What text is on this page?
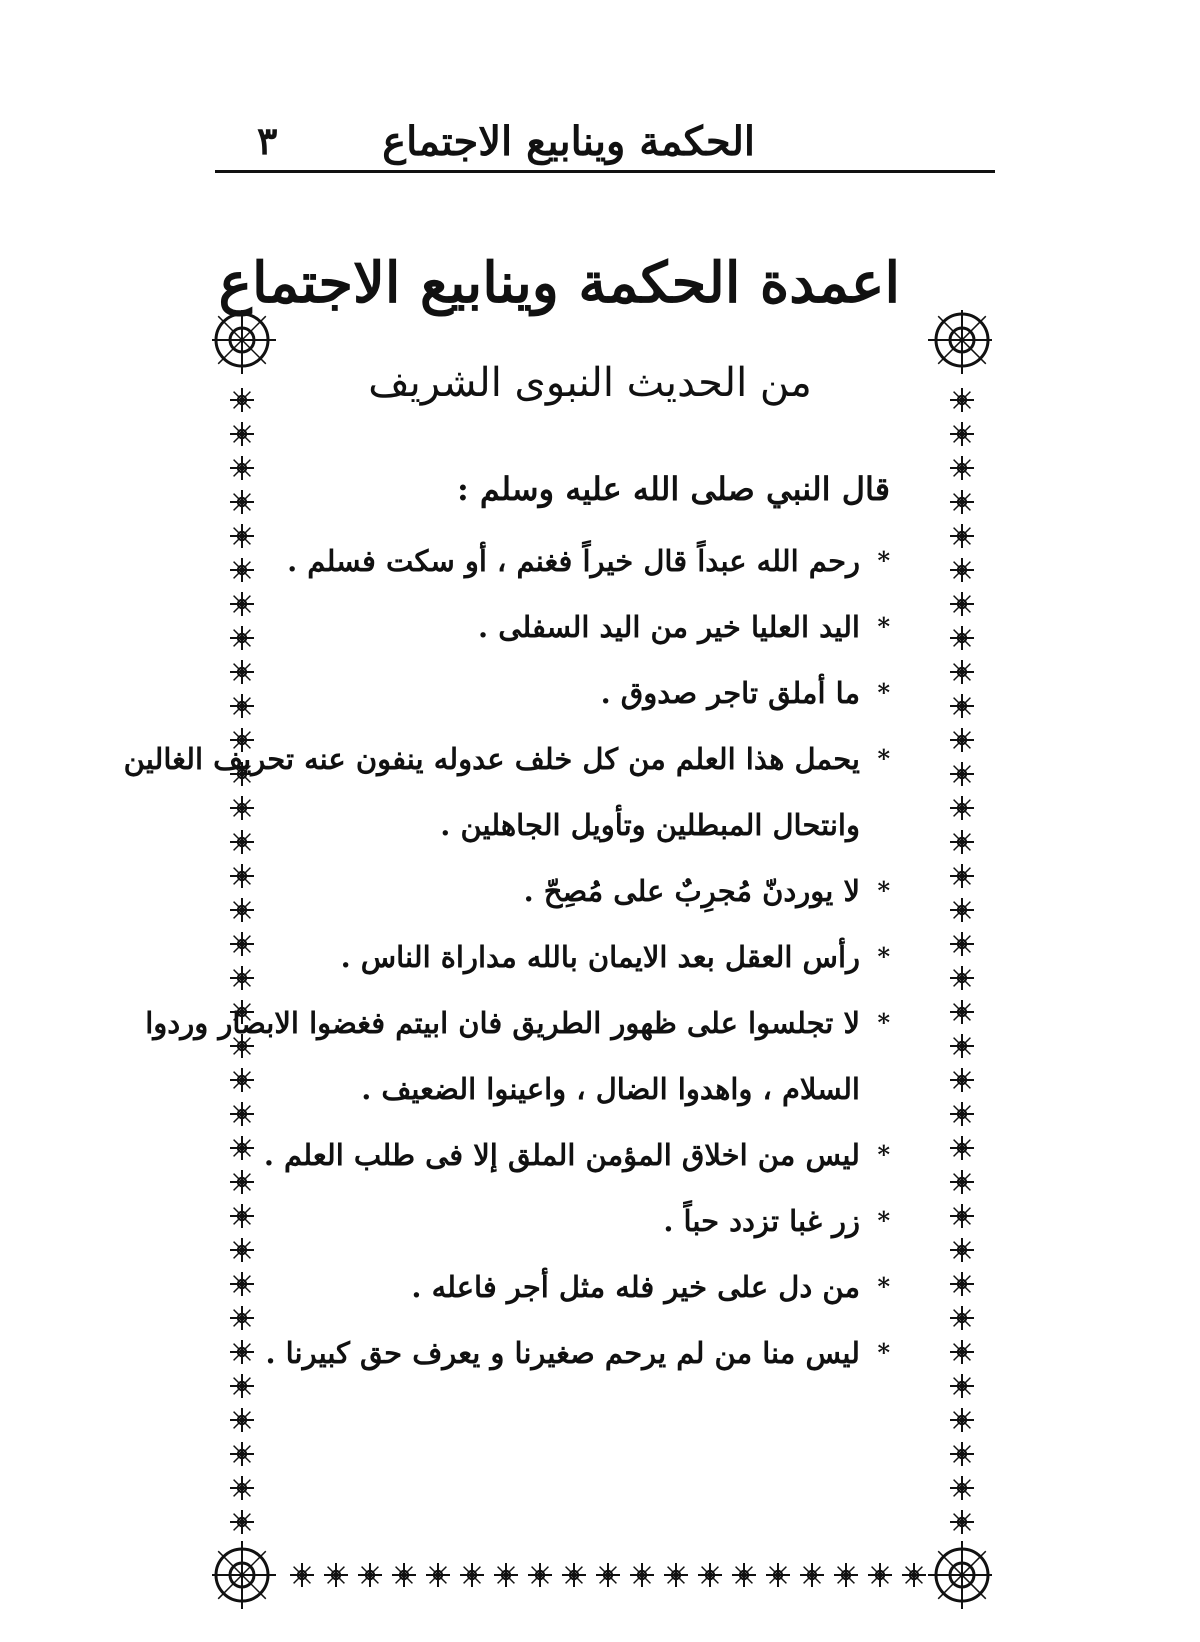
الحكمة وينابيع الاجتماع
٣
اعمدة الحكمة وينابيع الاجتماع
من الحديث النبوى الشريف
قال النبي صلى الله عليه وسلم :
*
رحم الله عبداً قال خيراً فغنم ، أو سكت فسلم .
*
اليد العليا خير من اليد السفلى .
*
ما أملق تاجر صدوق .
*
يحمل هذا العلم من كل خلف عدوله ينفون عنه تحريف الغالين
وانتحال المبطلين وتأويل الجاهلين .
*
لا يوردنّ مُجرِبٌ على مُصِحّ .
*
رأس العقل بعد الايمان بالله مداراة الناس .
*
لا تجلسوا على ظهور الطريق فان ابيتم فغضوا الابصار وردوا
السلام ، واهدوا الضال ، واعينوا الضعيف .
*
ليس من اخلاق المؤمن الملق إلا فى طلب العلم .
*
زر غبا تزدد حباً .
*
من دل على خير فله مثل أجر فاعله .
*
ليس منا من لم يرحم صغيرنا و يعرف حق كبيرنا .
